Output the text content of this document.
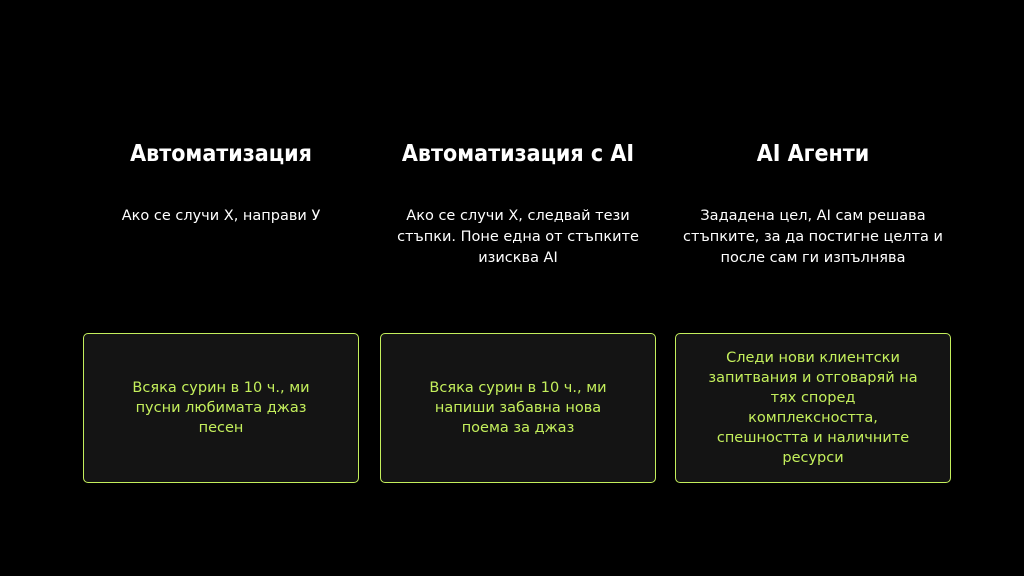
Автоматизация
Ако се случи X, направи У
Всяка сурин в 10 ч., ми пусни любимата джаз песен
Автоматизация с AI
Ако се случи X, следвай тези стъпки. Поне една от стъпките изисква AI
Всяка сурин в 10 ч., ми напиши забавна нова поема за джаз
AI Агенти
Зададена цел, AI сам решава стъпките, за да постигне целта и после сам ги изпълнява
Следи нови клиентски запитвания и отговаряй на тях според комплексността, спешността и наличните ресурси
